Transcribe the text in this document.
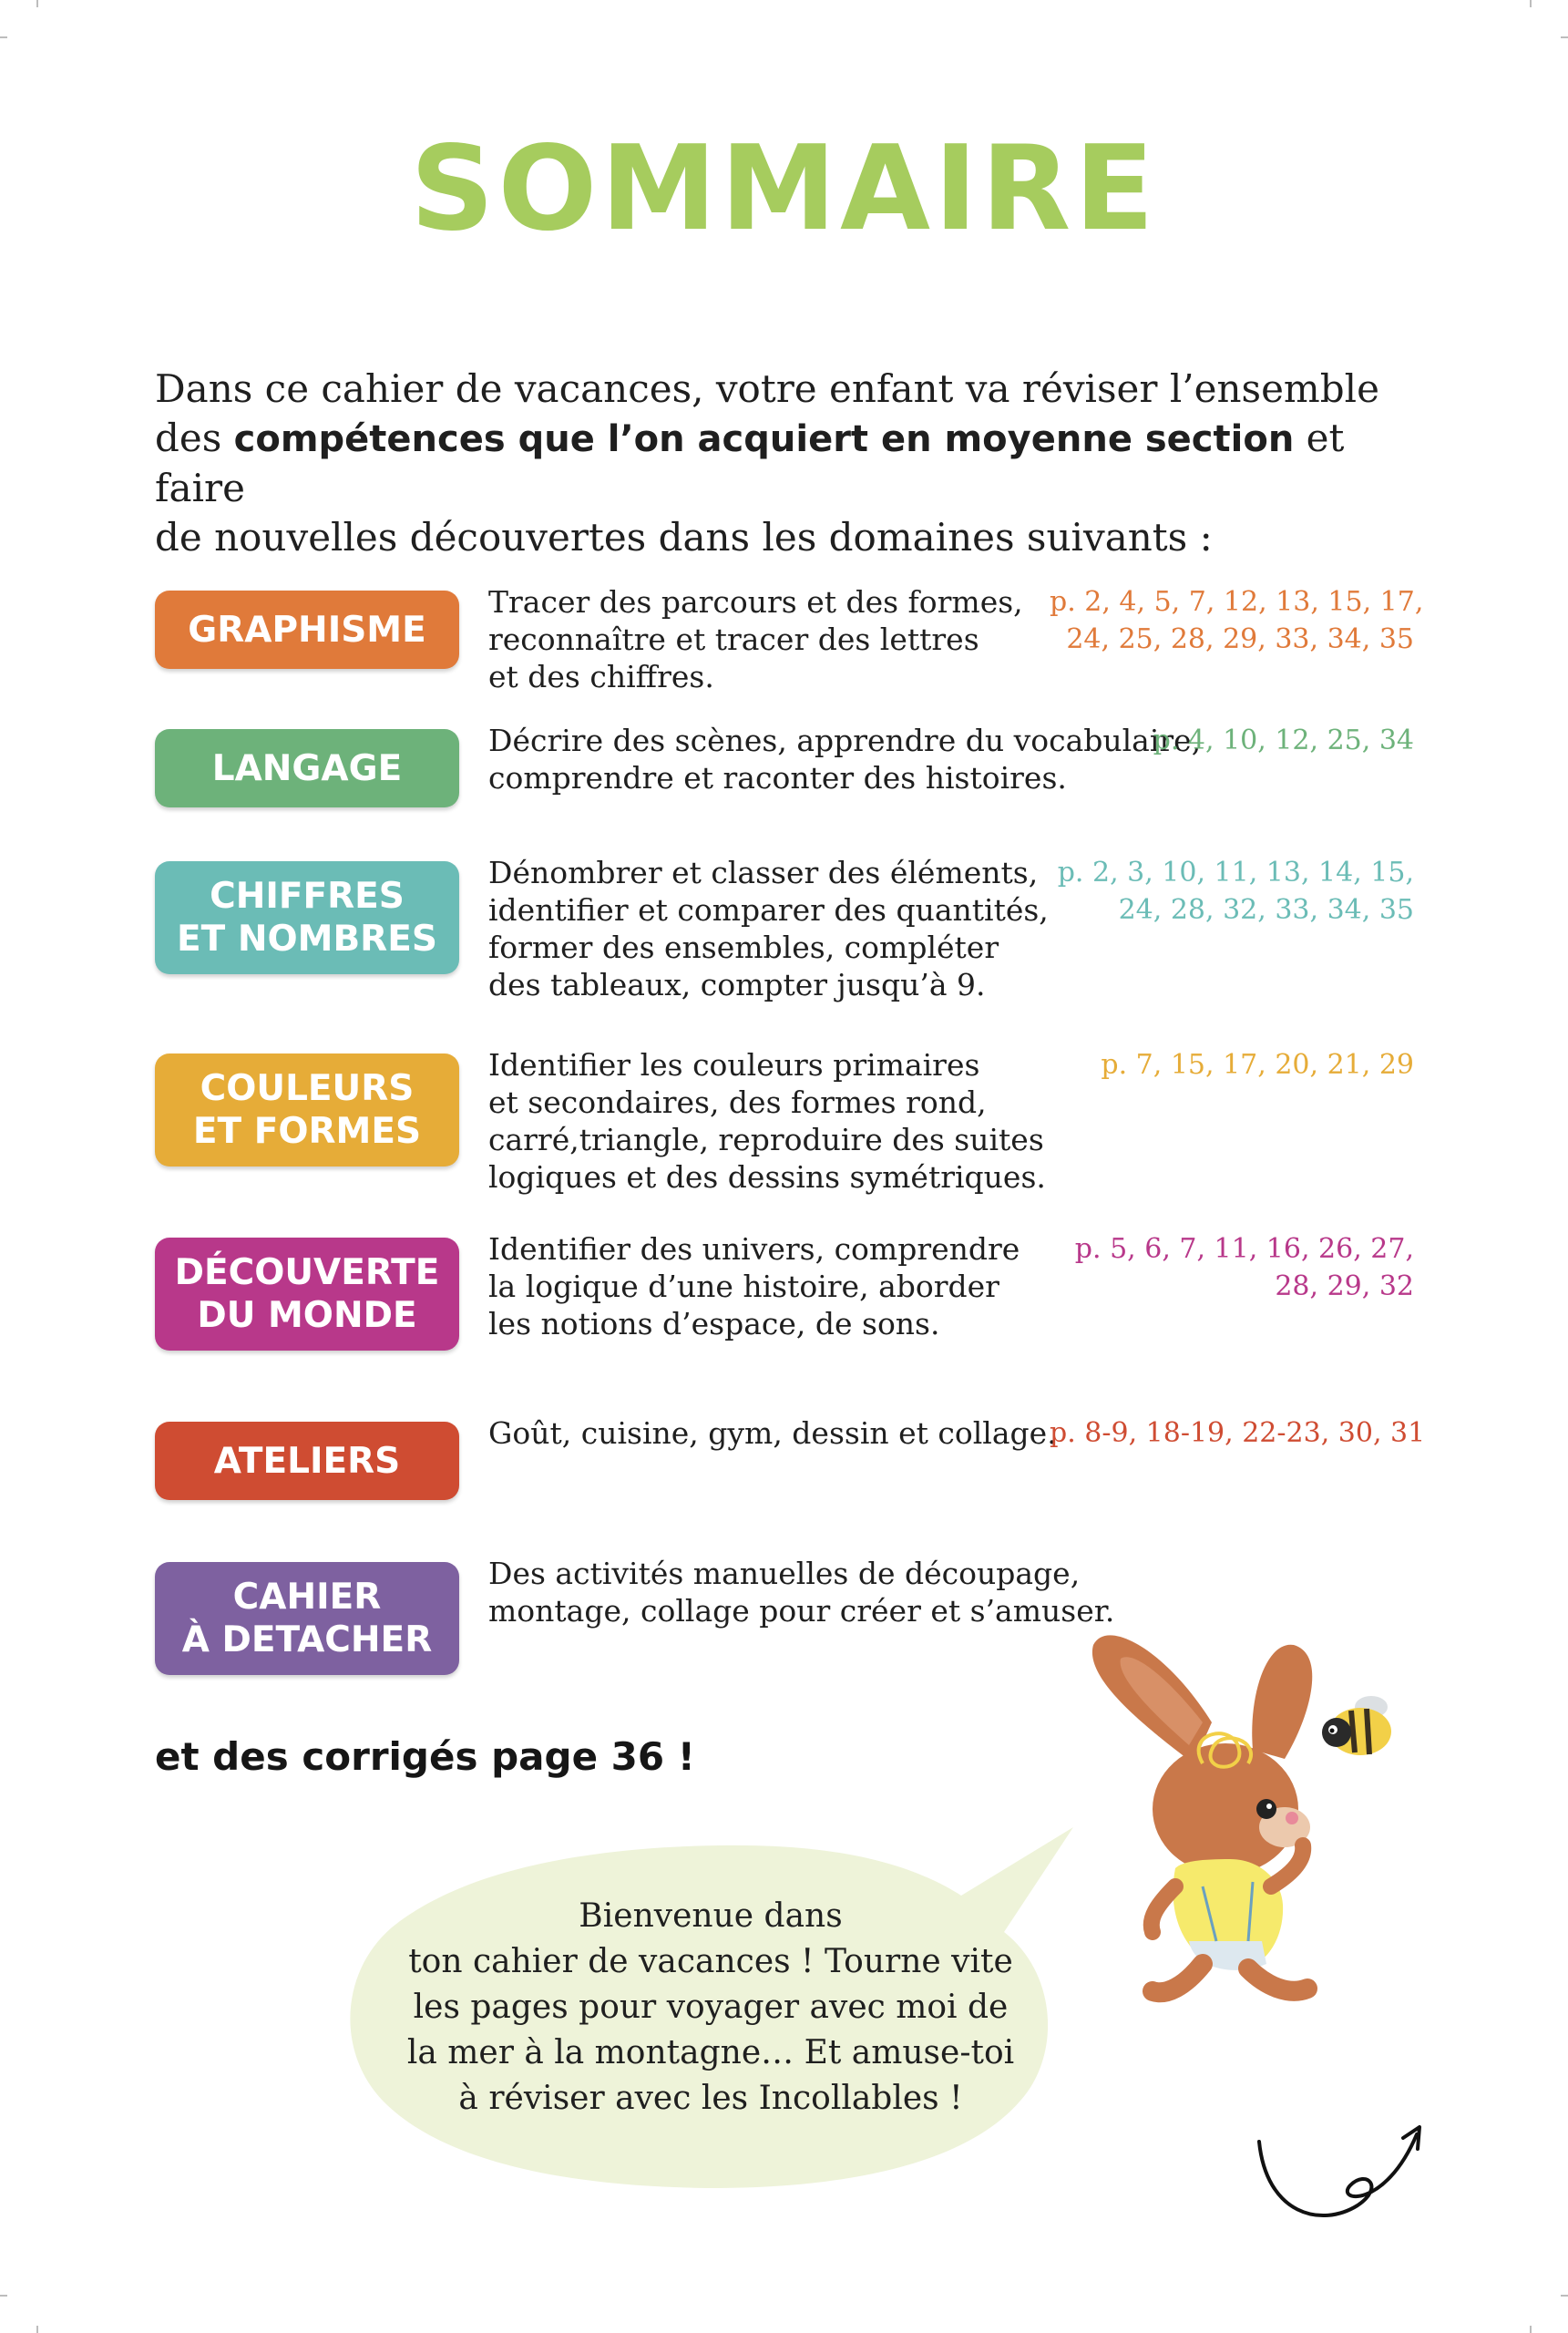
SOMMAIRE
Dans ce cahier de vacances, votre enfant va réviser l’ensemble
des compétences que l’on acquiert en moyenne section et faire
de nouvelles découvertes dans les domaines suivants :
GRAPHISME
Tracer des parcours et des formes,
reconnaître et tracer des lettres
et des chiffres.
p. 2, 4, 5, 7, 12, 13, 15, 17,
24, 25, 28, 29, 33, 34, 35
LANGAGE
Décrire des scènes, apprendre du vocabulaire,
comprendre et raconter des histoires.
p. 4, 10, 12, 25, 34
CHIFFRES
ET NOMBRES
Dénombrer et classer des éléments,
identifier et comparer des quantités,
former des ensembles, compléter
des tableaux, compter jusqu’à 9.
p. 2, 3, 10, 11, 13, 14, 15,
24, 28, 32, 33, 34, 35
COULEURS
ET FORMES
Identifier les couleurs primaires
et secondaires, des formes rond,
carré,triangle, reproduire des suites
logiques et des dessins symétriques.
p. 7, 15, 17, 20, 21, 29
DÉCOUVERTE
DU MONDE
Identifier des univers, comprendre
la logique d’une histoire, aborder
les notions d’espace, de sons.
p. 5, 6, 7, 11, 16, 26, 27,
28, 29, 32
ATELIERS
Goût, cuisine, gym, dessin et collage.
p. 8-9, 18-19, 22-23, 30, 31
CAHIER
À DETACHER
Des activités manuelles de découpage,
montage, collage pour créer et s’amuser.
et des corrigés page 36 !
Bienvenue dans
ton cahier de vacances ! Tourne vite
les pages pour voyager avec moi de
la mer à la montagne… Et amuse-toi
à réviser avec les Incollables !
